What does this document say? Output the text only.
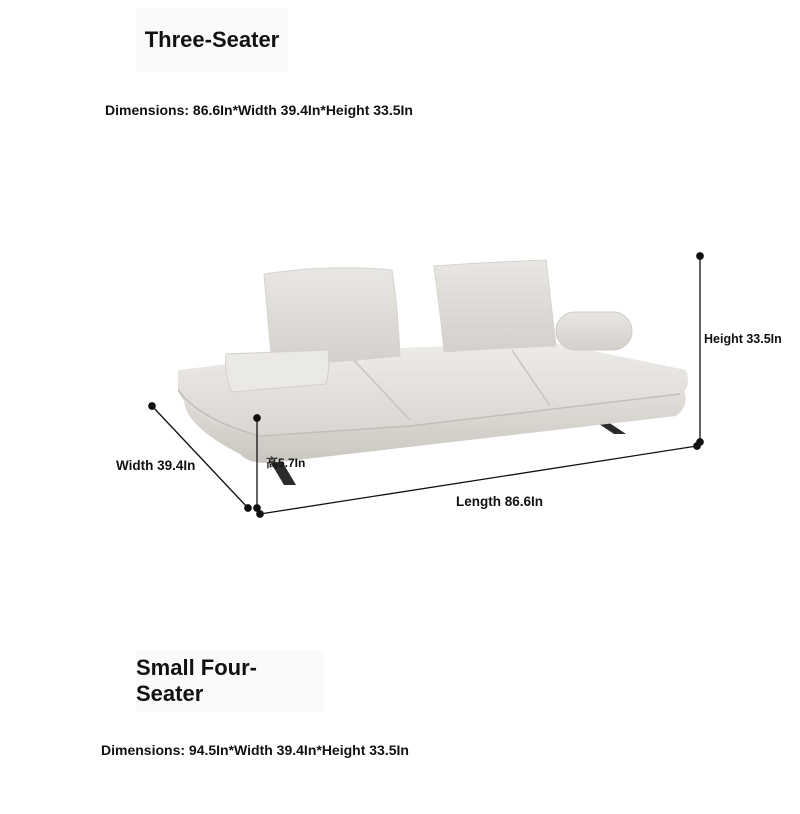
Three-Seater
Dimensions: 86.6In*Width 39.4In*Height 33.5In
Height 33.5In
Width 39.4In
Length 86.6In
高5.7In
Small Four-Seater
Dimensions: 94.5In*Width 39.4In*Height 33.5In
